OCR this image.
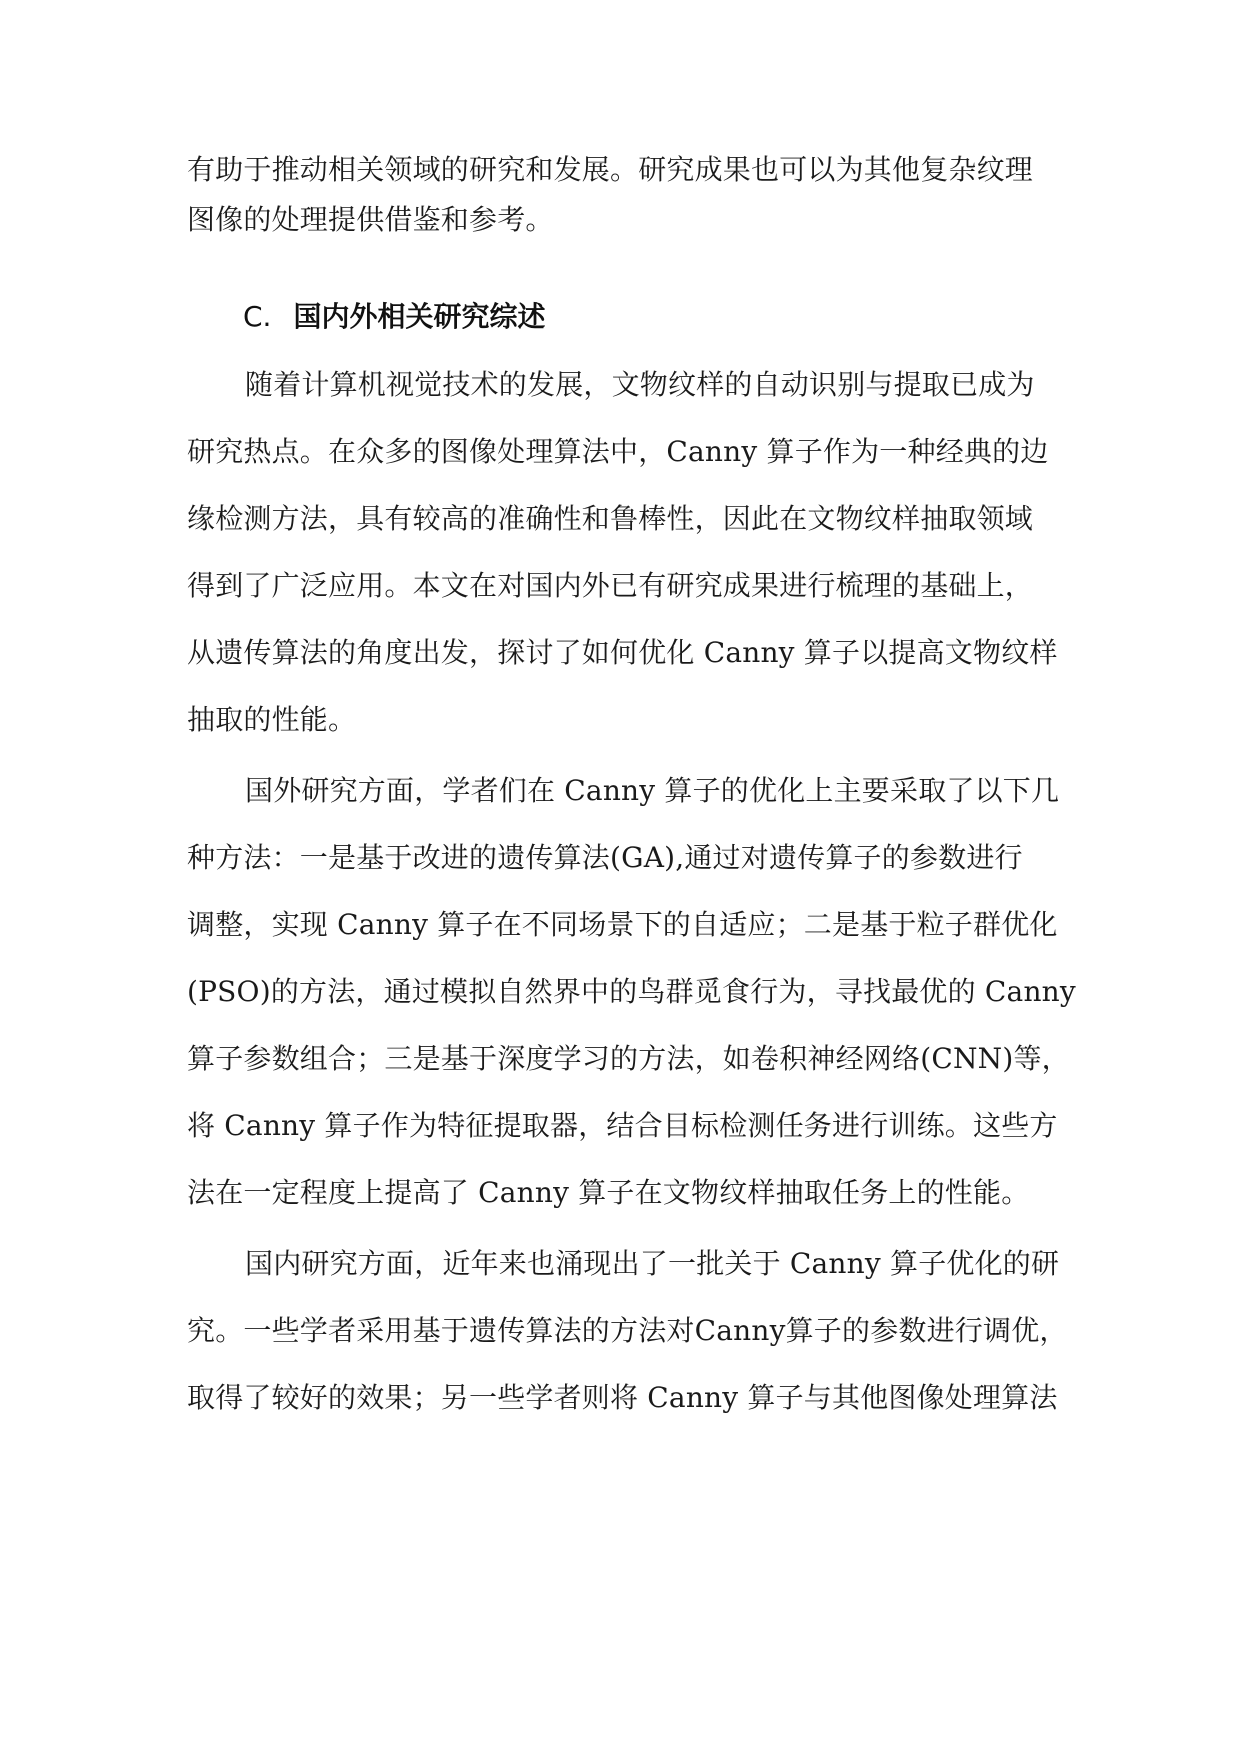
有助于推动相关领域的研究和发展。研究成果也可以为其他复杂纹理
图像的处理提供借鉴和参考。
C. 国内外相关研究综述
随着计算机视觉技术的发展，文物纹样的自动识别与提取已成为
研究热点。在众多的图像处理算法中，Canny 算子作为一种经典的边
缘检测方法，具有较高的准确性和鲁棒性，因此在文物纹样抽取领域
得到了广泛应用。本文在对国内外已有研究成果进行梳理的基础上，
从遗传算法的角度出发，探讨了如何优化 Canny 算子以提高文物纹样
抽取的性能。
国外研究方面，学者们在 Canny 算子的优化上主要采取了以下几
种方法：一是基于改进的遗传算法(GA),通过对遗传算子的参数进行
调整，实现 Canny 算子在不同场景下的自适应；二是基于粒子群优化
(PSO)的方法，通过模拟自然界中的鸟群觅食行为，寻找最优的 Canny
算子参数组合；三是基于深度学习的方法，如卷积神经网络(CNN)等，
将 Canny 算子作为特征提取器，结合目标检测任务进行训练。这些方
法在一定程度上提高了 Canny 算子在文物纹样抽取任务上的性能。
国内研究方面，近年来也涌现出了一批关于 Canny 算子优化的研
究。一些学者采用基于遗传算法的方法对Canny算子的参数进行调优，
取得了较好的效果；另一些学者则将 Canny 算子与其他图像处理算法
